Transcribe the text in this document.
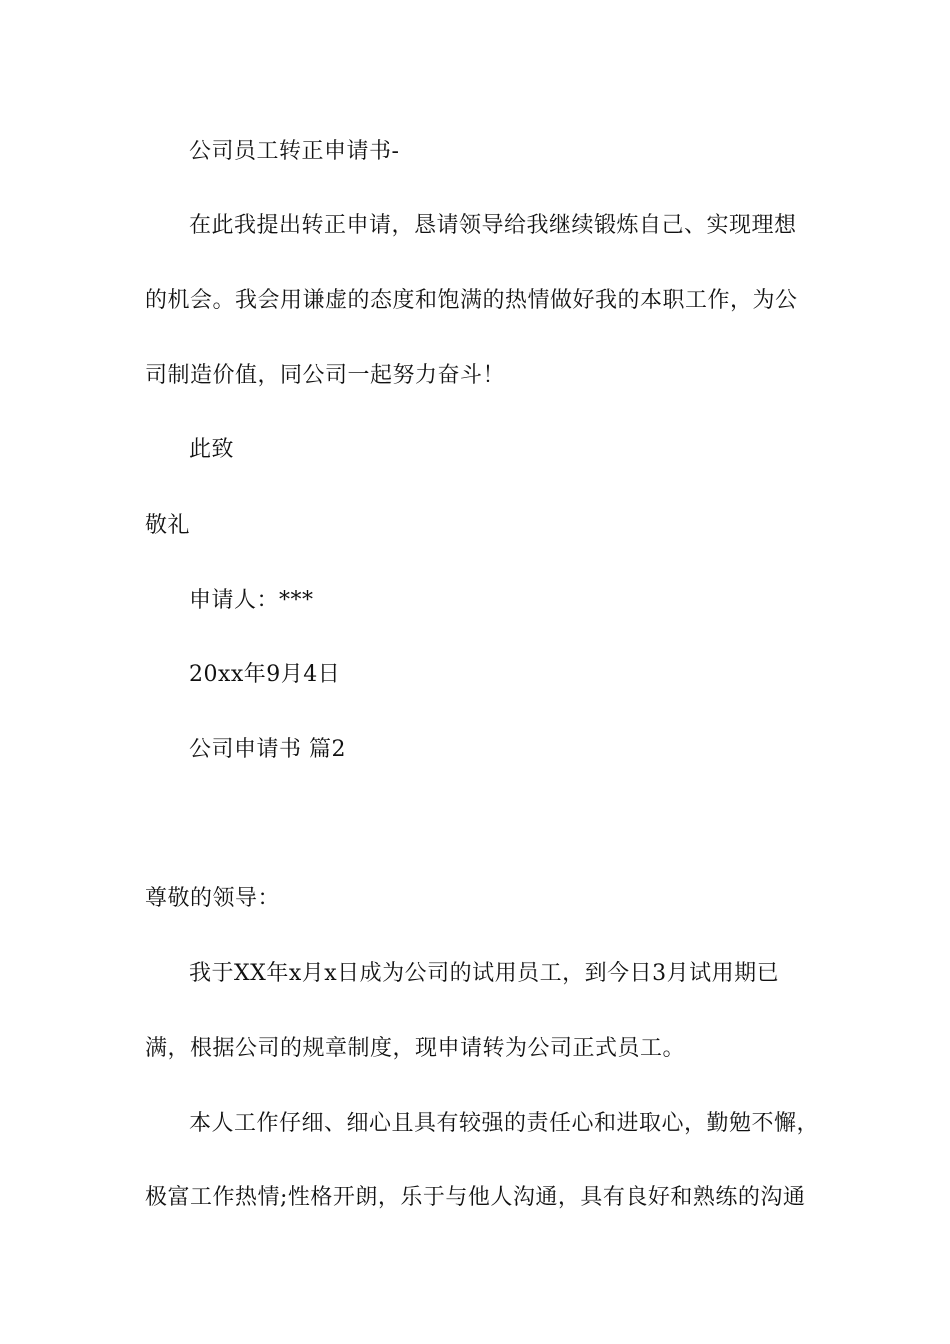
公司员工转正申请书-
在此我提出转正申请，恳请领导给我继续锻炼自己、实现理想
的机会。我会用谦虚的态度和饱满的热情做好我的本职工作，为公
司制造价值，同公司一起努力奋斗！
此致
敬礼
申请人：***
20xx年9月4日
公司申请书 篇2
尊敬的领导：
我于XX年x月x日成为公司的试用员工，到今日3月试用期已
满，根据公司的规章制度，现申请转为公司正式员工。
本人工作仔细、细心且具有较强的责任心和进取心，勤勉不懈，
极富工作热情;性格开朗，乐于与他人沟通，具有良好和熟练的沟通
